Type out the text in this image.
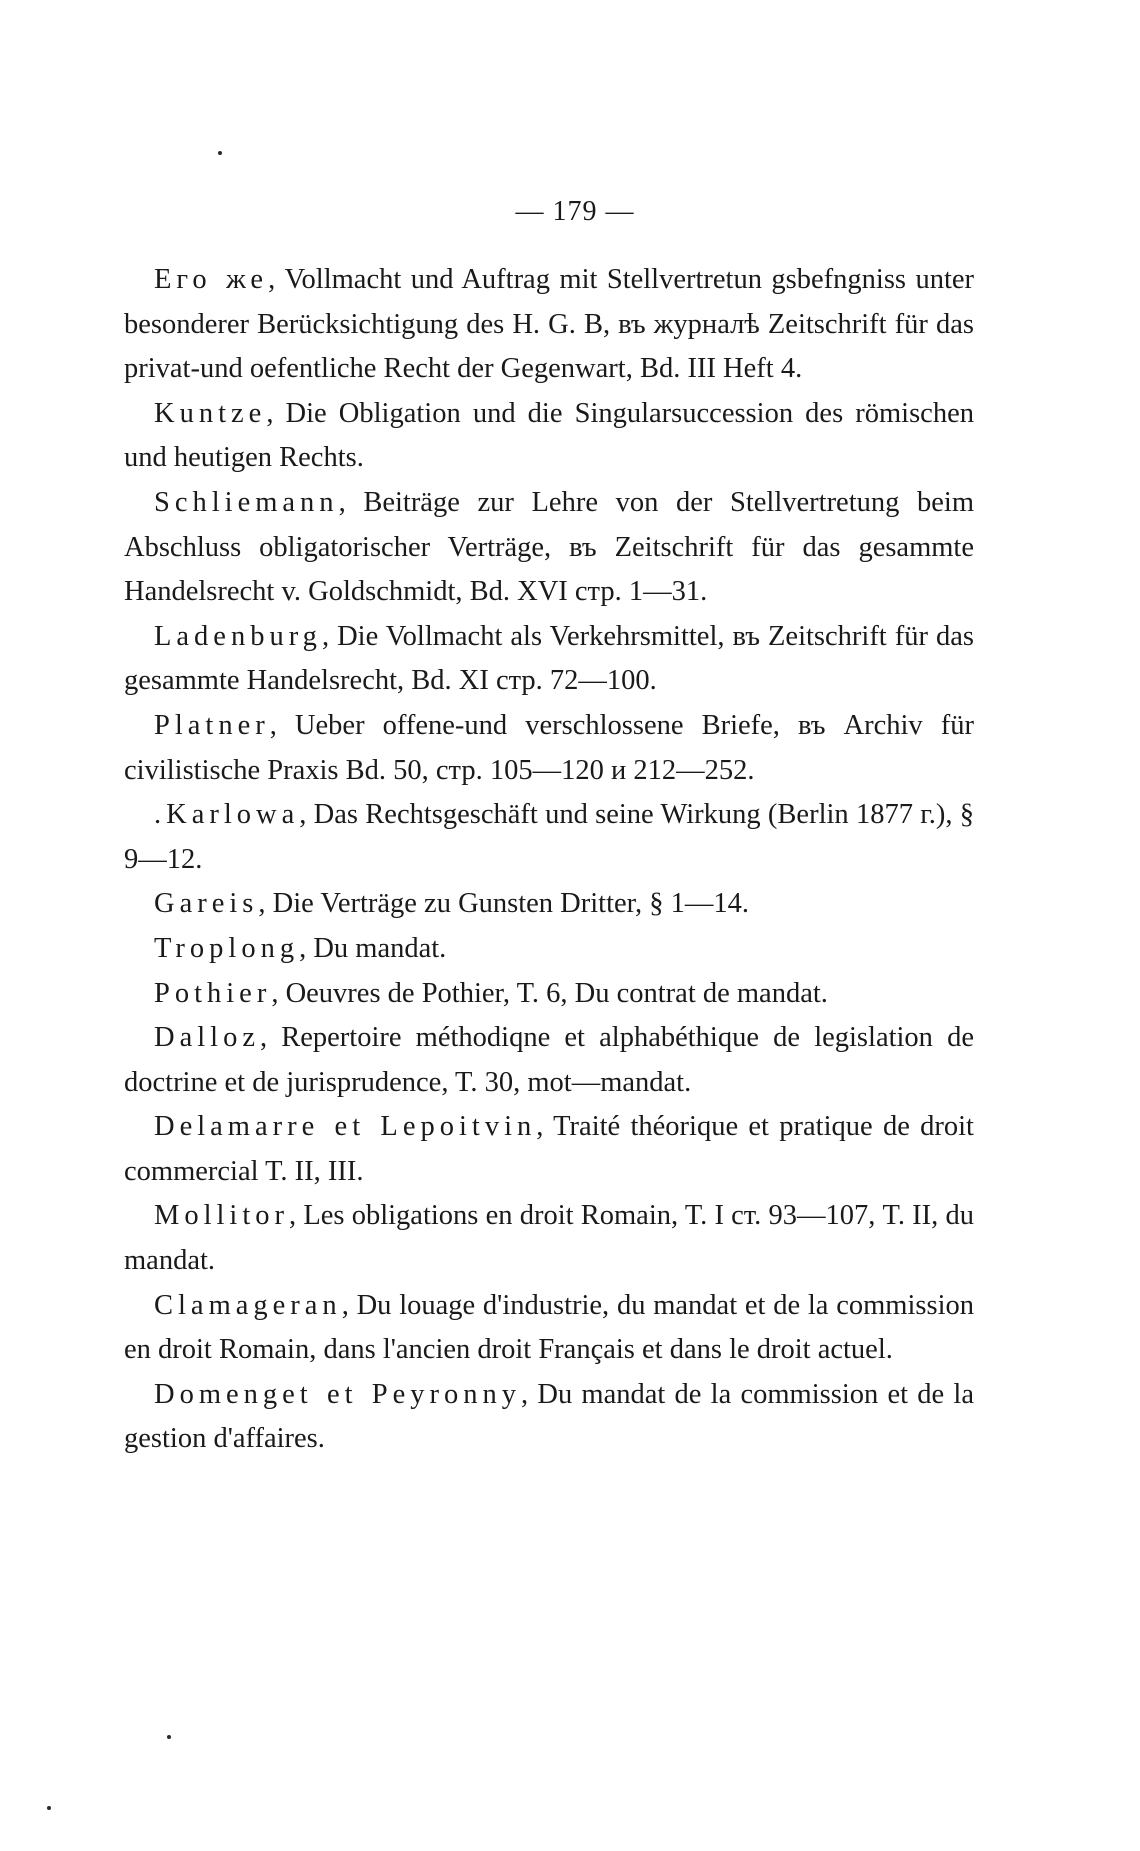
— 179 —

Его же, Vollmacht und Auftrag mit Stellvertretun gsbefngniss unter besonderer Berücksichtigung des H. G. B, въ журналѣ Zeitschrift für das privat-und oefentliche Recht der Gegenwart, Bd. III Heft 4.

Kuntze, Die Obligation und die Singularsuccession des römischen und heutigen Rechts.

Schliemann, Beiträge zur Lehre von der Stellvertretung beim Abschluss obligatorischer Verträge, въ Zeitschrift für das gesammte Handelsrecht v. Goldschmidt, Bd. XVI стр. 1—31.

Ladenburg, Die Vollmacht als Verkehrsmittel, въ Zeitschrift für das gesammte Handelsrecht, Bd. XI стр. 72—100.

Platner, Ueber offene-und verschlossene Briefe, въ Archiv für civilistische Praxis Bd. 50, стр. 105—120 и 212—252.

.Karlowa, Das Rechtsgeschäft und seine Wirkung (Berlin 1877 г.), § 9—12.

Gareis, Die Verträge zu Gunsten Dritter, § 1—14.

Troplong, Du mandat.

Pothier, Oeuvres de Pothier, T. 6, Du contrat de mandat.

Dalloz, Repertoire méthodiqne et alphabéthique de legislation de doctrine et de jurisprudence, T. 30, mot—mandat.

Delamarre et Lepoitvin, Traité théorique et pratique de droit commercial T. II, III.

Mollitor, Les obligations en droit Romain, T. I ст. 93—107, T. II, du mandat.

Clamageran, Du louage d'industrie, du mandat et de la commission en droit Romain, dans l'ancien droit Français et dans le droit actuel.

Domenget et Peyronny, Du mandat de la commission et de la gestion d'affaires.
